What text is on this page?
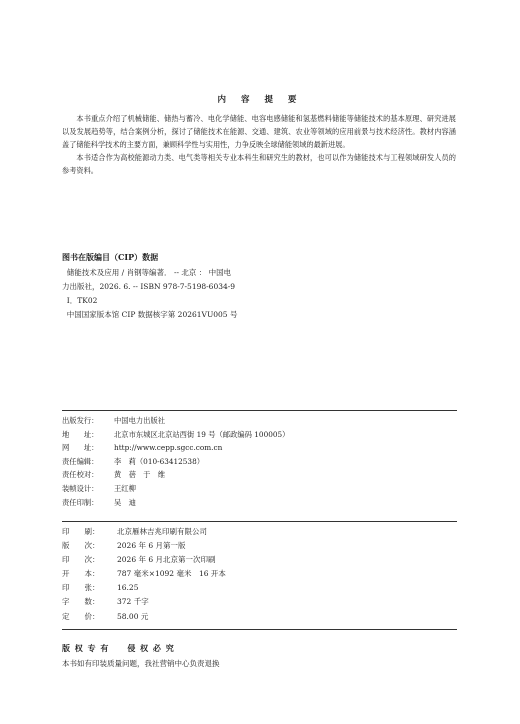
内 容 提 要

本书重点介绍了机械储能、储热与蓄冷、电化学储能、电容电感储能和氢基燃料储能等储能技术的基本原理、研究进展以及发展趋势等，结合案例分析，探讨了储能技术在能源、交通、建筑、农业等领域的应用前景与技术经济性。教材内容涵盖了储能科学技术的主要方面，兼顾科学性与实用性，力争反映全球储能领域的最新进展。

本书适合作为高校能源动力类、电气类等相关专业本科生和研究生的教材，也可以作为储能技术与工程领域研发人员的参考资料。

图书在版编目（CIP）数据
储能技术及应用 / 肖钢等编著． -- 北京 ： 中国电
力出版社，2026. 6. -- ISBN 978-7-5198-6034-9
Ⅰ．TK02
中国国家版本馆 CIP 数据核字第 20261VU005 号
出版发行：	中国电力出版社
地　　址：	北京市东城区北京站西街 19 号（邮政编码 100005）
网　　址：	http://www.cepp.sgcc.com.cn
责任编辑：	李　莉（010-63412538）
责任校对：	黄　蓓　于　维
装帧设计：	王红柳
责任印制：	吴　迪
印　　刷：	北京雁林吉兆印刷有限公司
版　　次：	2026 年 6 月第一版
印　　次：	2026 年 6 月北京第一次印刷
开　　本：	787 毫米×1092 毫米　16 开本
印　　张：	16.25
字　　数：	372 千字
定　　价：	58.00 元
版 权 专 有　　侵 权 必 究
本书如有印装质量问题，我社营销中心负责退换
